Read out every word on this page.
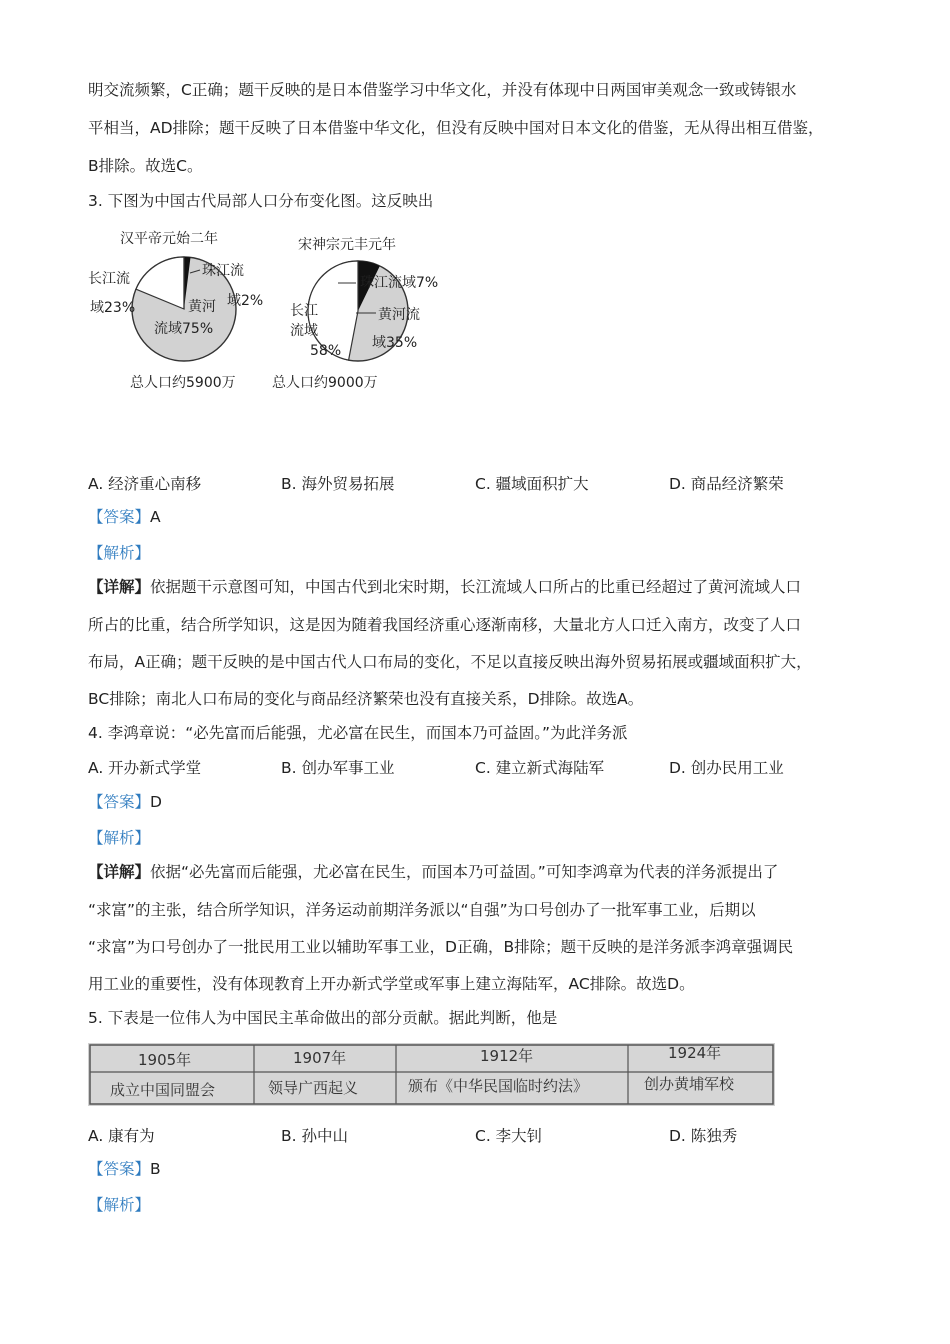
明交流频繁，C正确；题干反映的是日本借鉴学习中华文化，并没有体现中日两国审美观念一致或铸银水
平相当，AD排除；题干反映了日本借鉴中华文化，但没有反映中国对日本文化的借鉴，无从得出相互借鉴，
B排除。故选C。
3. 下图为中国古代局部人口分布变化图。这反映出
汉平帝元始二年
珠江流
域2%
黄河
流域75%
长江流
域23%
总人口约5900万
宋神宗元丰元年
珠江流域7%
长江
流域
58%
黄河流
域35%
总人口约9000万
A. 经济重心南移	B. 海外贸易拓展	C. 疆域面积扩大	D. 商品经济繁荣
【答案】A
【解析】
【详解】依据题干示意图可知，中国古代到北宋时期，长江流域人口所占的比重已经超过了黄河流域人口
所占的比重，结合所学知识，这是因为随着我国经济重心逐渐南移，大量北方人口迁入南方，改变了人口
布局，A正确；题干反映的是中国古代人口布局的变化，不足以直接反映出海外贸易拓展或疆域面积扩大，
BC排除；南北人口布局的变化与商品经济繁荣也没有直接关系，D排除。故选A。
4. 李鸿章说：“必先富而后能强，尤必富在民生，而国本乃可益固。”为此洋务派
A. 开办新式学堂	B. 创办军事工业	C. 建立新式海陆军	D. 创办民用工业
【答案】D
【解析】
【详解】依据“必先富而后能强，尤必富在民生，而国本乃可益固。”可知李鸿章为代表的洋务派提出了
“求富”的主张，结合所学知识，洋务运动前期洋务派以“自强”为口号创办了一批军事工业，后期以
“求富”为口号创办了一批民用工业以辅助军事工业，D正确，B排除；题干反映的是洋务派李鸿章强调民
用工业的重要性，没有体现教育上开办新式学堂或军事上建立海陆军，AC排除。故选D。
5. 下表是一位伟人为中国民主革命做出的部分贡献。据此判断，他是
1905年	1907年	1912年	1924年
成立中国同盟会	领导广西起义	颁布《中华民国临时约法》	创办黄埔军校
A. 康有为	B. 孙中山	C. 李大钊	D. 陈独秀
【答案】B
【解析】
